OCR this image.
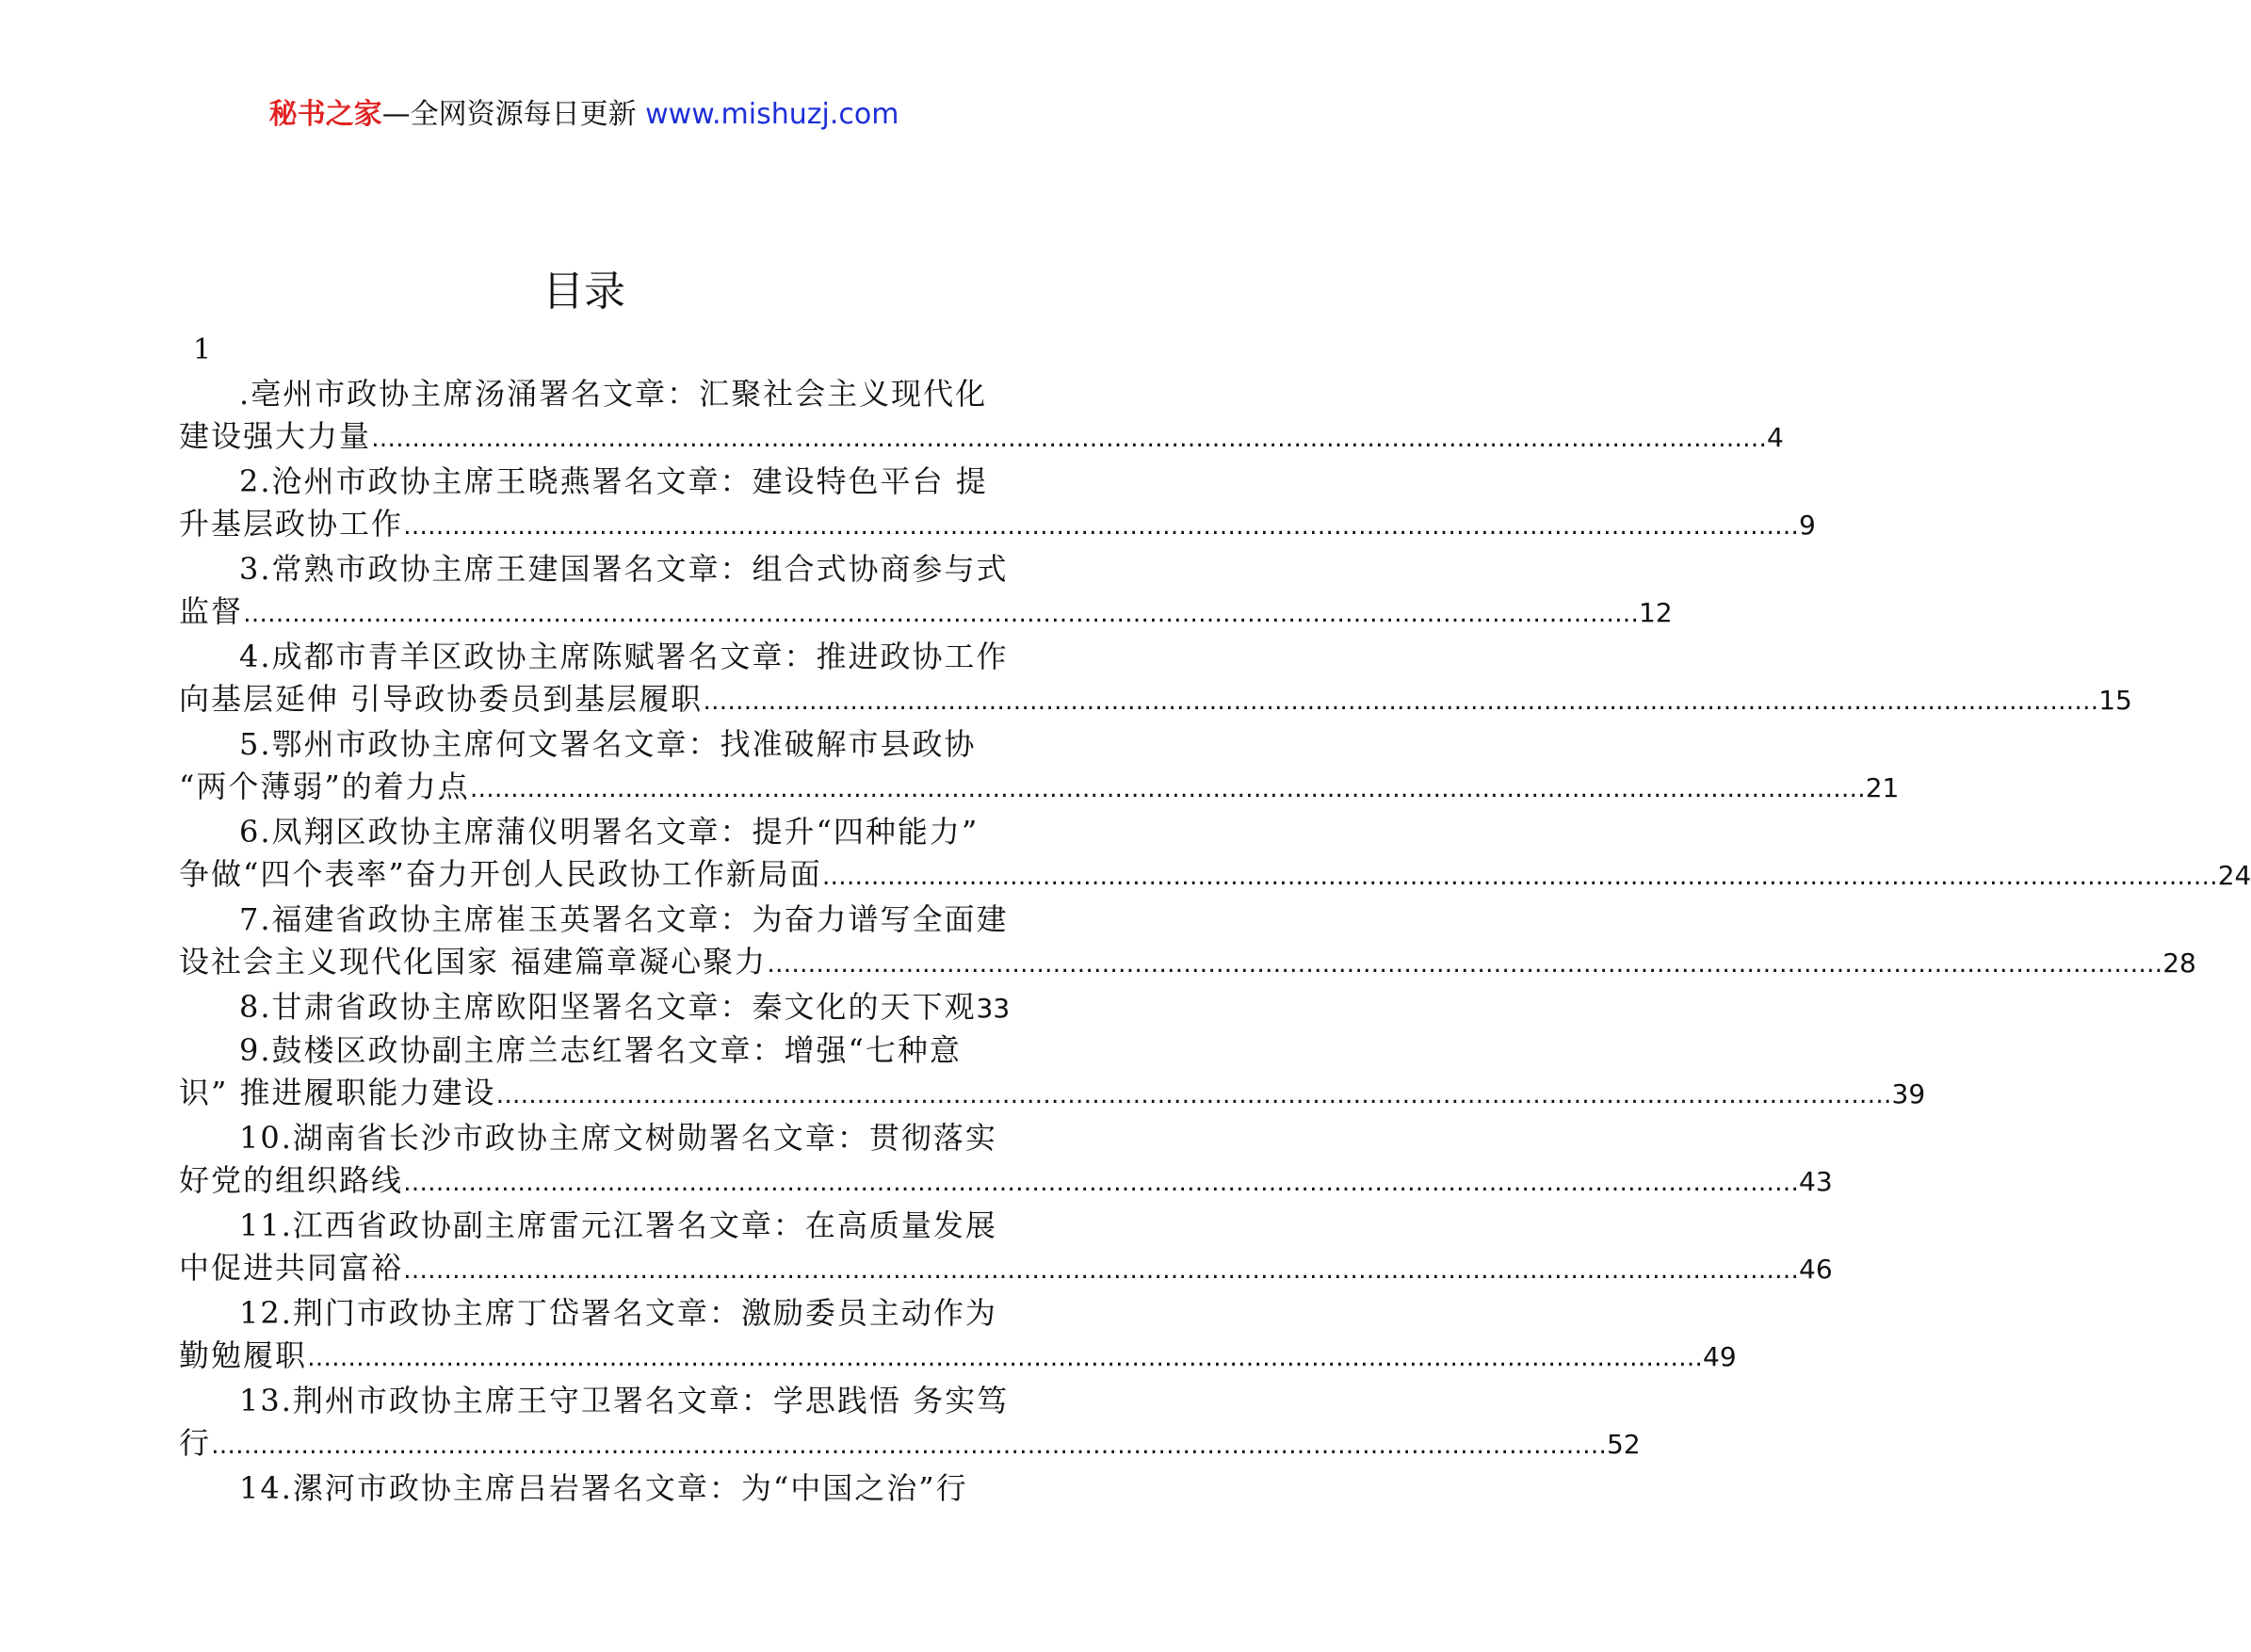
秘书之家—全网资源每日更新 www.mishuzj.com
目录
1
.亳州市政协主席汤涌署名文章：汇聚社会主义现代化
建设强大力量 ……………………………………………………………………………………………………………………………………………………… 4
2.沧州市政协主席王晓燕署名文章：建设特色平台 提
升基层政协工作 ……………………………………………………………………………………………………………………………………………………… 9
3.常熟市政协主席王建国署名文章：组合式协商参与式
监督 ……………………………………………………………………………………………………………………………………………………… 12
4.成都市青羊区政协主席陈赋署名文章：推进政协工作
向基层延伸 引导政协委员到基层履职 ……………………………………………………………………………………………………………………………………………………… 15
5.鄂州市政协主席何文署名文章：找准破解市县政协
“两个薄弱”的着力点 ……………………………………………………………………………………………………………………………………………………… 21
6.凤翔区政协主席蒲仪明署名文章：提升“四种能力”
争做“四个表率”奋力开创人民政协工作新局面 ……………………………………………………………………………………………………………………………………………………… 24
7.福建省政协主席崔玉英署名文章：为奋力谱写全面建
设社会主义现代化国家 福建篇章凝心聚力 ……………………………………………………………………………………………………………………………………………………… 28
8.甘肃省政协主席欧阳坚署名文章：秦文化的天下观 33
9.鼓楼区政协副主席兰志红署名文章：增强“七种意
识” 推进履职能力建设 ……………………………………………………………………………………………………………………………………………………… 39
10.湖南省长沙市政协主席文树勋署名文章：贯彻落实
好党的组织路线 ……………………………………………………………………………………………………………………………………………………… 43
11.江西省政协副主席雷元江署名文章：在高质量发展
中促进共同富裕 ……………………………………………………………………………………………………………………………………………………… 46
12.荆门市政协主席丁岱署名文章：激励委员主动作为
勤勉履职 ……………………………………………………………………………………………………………………………………………………… 49
13.荆州市政协主席王守卫署名文章：学思践悟 务实笃
行 ……………………………………………………………………………………………………………………………………………………… 52
14.漯河市政协主席吕岩署名文章：为“中国之治”行
